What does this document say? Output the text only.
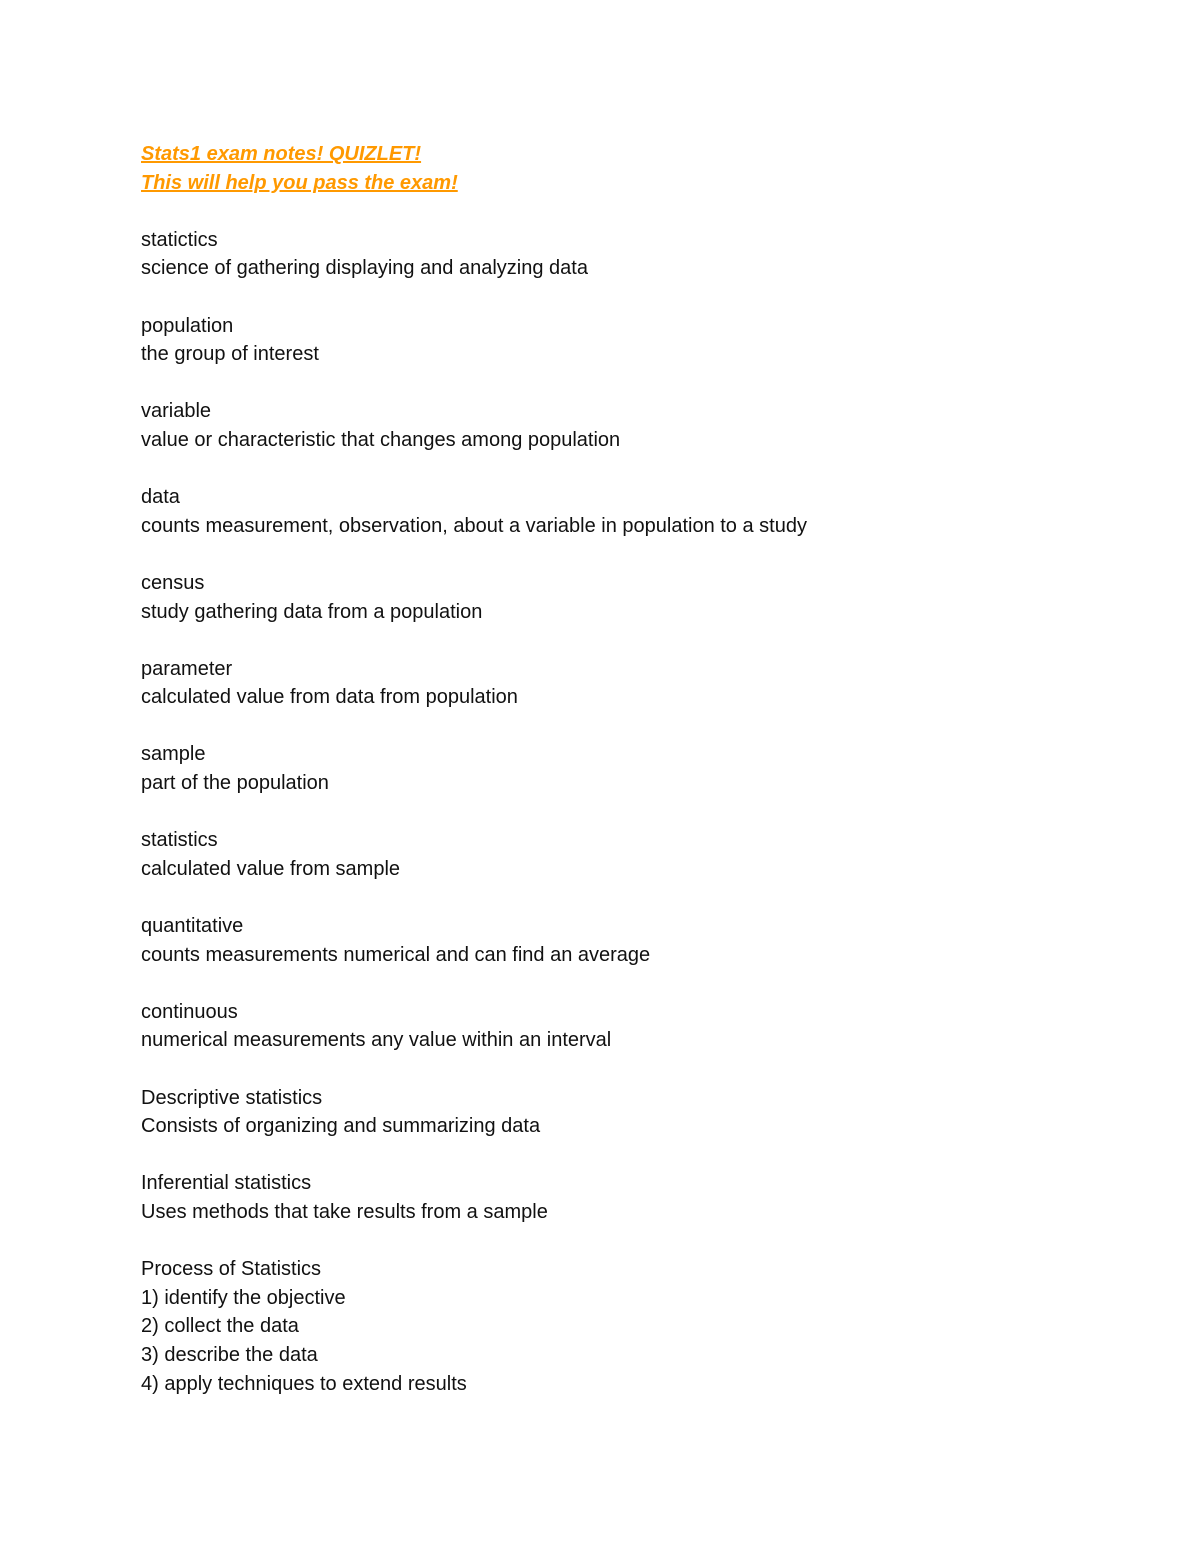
Stats1 exam notes! QUIZLET!
This will help you pass the exam!
statictics
science of gathering displaying and analyzing data
population
the group of interest
variable
value or characteristic that changes among population
data
counts measurement, observation, about a variable in population to a study
census
study gathering data from a population
parameter
calculated value from data from population
sample
part of the population
statistics
calculated value from sample
quantitative
counts measurements numerical and can find an average
continuous
numerical measurements any value within an interval
Descriptive statistics
Consists of organizing and summarizing data
Inferential statistics
Uses methods that take results from a sample
Process of Statistics
1) identify the objective
2) collect the data
3) describe the data
4) apply techniques to extend results
